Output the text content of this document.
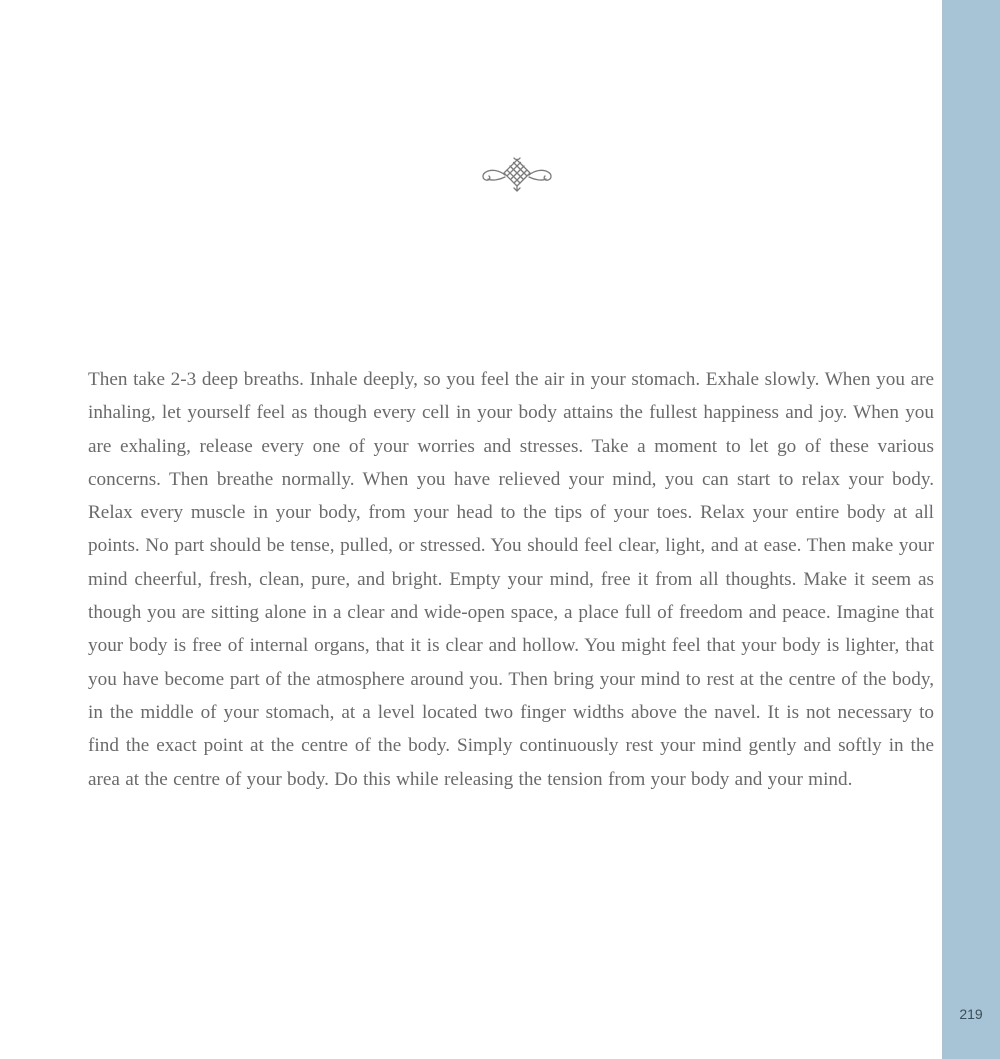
Then take 2-3 deep breaths. Inhale deeply, so you feel the air in your stomach. Exhale slowly. When you are inhaling, let yourself feel as though every cell in your body attains the fullest happiness and joy. When you are exhaling, release every one of your worries and stresses. Take a moment to let go of these various concerns. Then breathe normally. When you have relieved your mind, you can start to relax your body. Relax every muscle in your body, from your head to the tips of your toes. Relax your entire body at all points. No part should be tense, pulled, or stressed. You should feel clear, light, and at ease. Then make your mind cheerful, fresh, clean, pure, and bright. Empty your mind, free it from all thoughts. Make it seem as though you are sitting alone in a clear and wide-open space, a place full of freedom and peace. Imagine that your body is free of internal organs, that it is clear and hollow. You might feel that your body is lighter, that you have become part of the atmosphere around you. Then bring your mind to rest at the centre of the body, in the middle of your stomach, at a level located two finger widths above the navel. It is not necessary to find the exact point at the centre of the body. Simply continuously rest your mind gently and softly in the area at the centre of your body. Do this while releasing the tension from your body and your mind.

219
